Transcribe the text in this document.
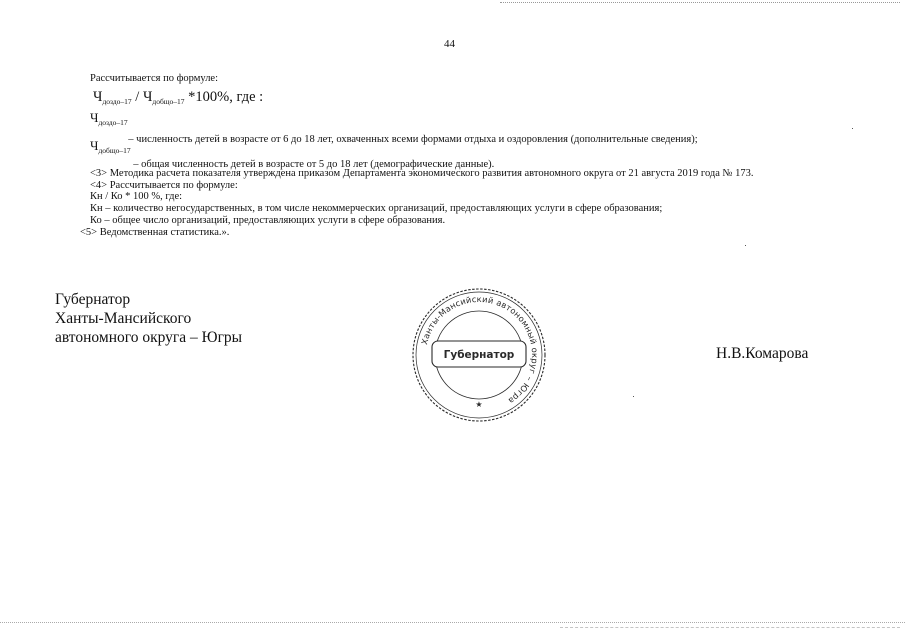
44
Рассчитывается по формуле:
$Ч_{доздо-17} / Ч_{добщо-17}$ *100%, где :
$Ч_{доздо-17}$ – численность детей в возрасте от 6 до 18 лет, охваченных всеми формами отдыха и оздоровления (дополнительные сведения);
$Ч_{добщо-17}$ – общая численность детей в возрасте от 5 до 18 лет (демографические данные).
<3> Методика расчета показателя утверждена приказом Департамента экономического развития автономного округа от 21 августа 2019 года № 173.
<4> Рассчитывается по формуле:
Кн / Ко * 100 %, где:
Кн – количество негосударственных, в том числе некоммерческих организаций, предоставляющих услуги в сфере образования;
Ко – общее число организаций, предоставляющих услуги в сфере образования.
<5> Ведомственная статистика.».
Губернатор
Ханты-Мансийского
автономного округа – Югры
Н.В.Комарова
Ханты-Мансийский автономный округ – Югра
Губернатор
★
